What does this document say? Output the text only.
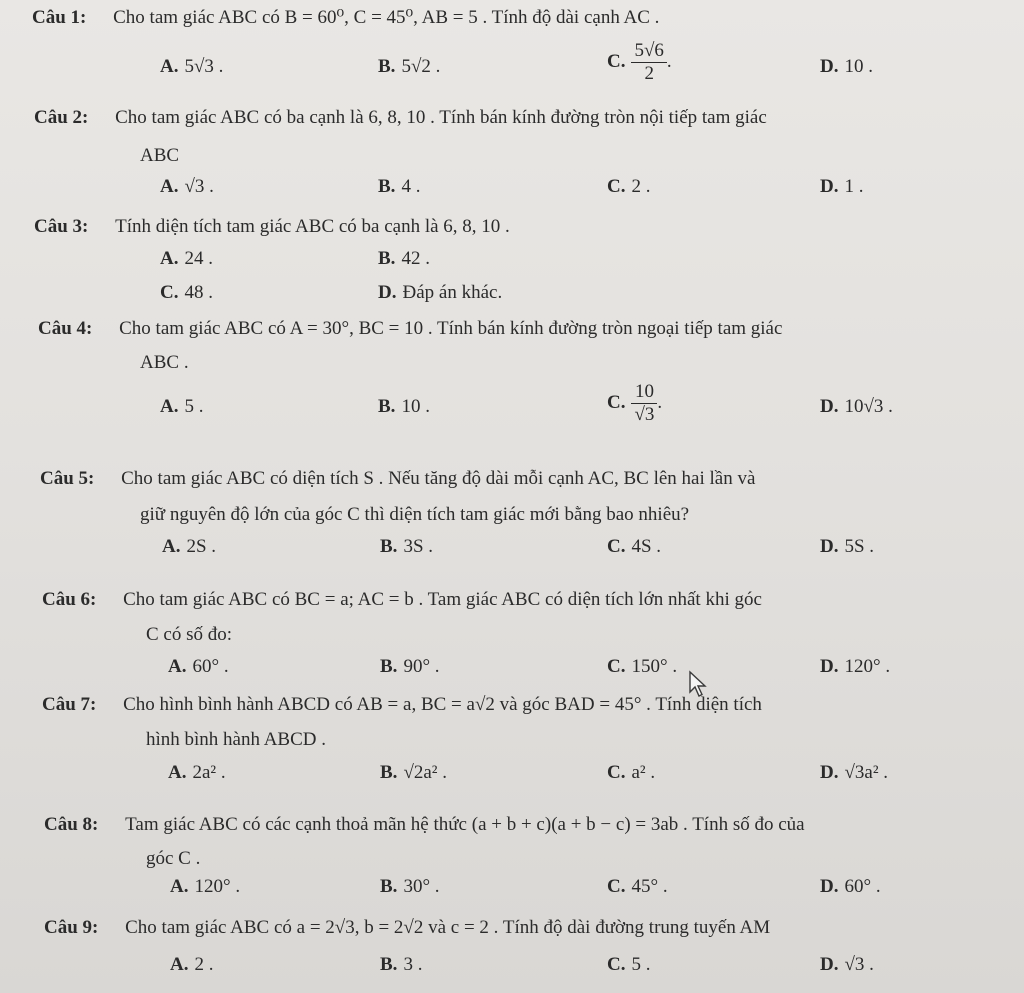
Câu 1: Cho tam giác ABC có B = 60⁰, C = 45⁰, AB = 5 . Tính độ dài cạnh AC .
A. 5√3 .	B. 5√2 .	C. $\frac{5√6}{2}$ .	D. 10 .
Câu 2: Cho tam giác ABC có ba cạnh là 6, 8, 10 . Tính bán kính đường tròn nội tiếp tam giác
ABC
A. √3 .	B. 4 .	C. 2 .	D. 1 .
Câu 3: Tính diện tích tam giác ABC có ba cạnh là 6, 8, 10 .
A. 24 .	B. 42 .
C. 48 .	D. Đáp án khác.
Câu 4: Cho tam giác ABC có A = 30°, BC = 10 . Tính bán kính đường tròn ngoại tiếp tam giác
ABC .
A. 5 .	B. 10 .	C. $\frac{10}{√3}$ .	D. 10√3 .
Câu 5: Cho tam giác ABC có diện tích S . Nếu tăng độ dài mỗi cạnh AC, BC lên hai lần và
giữ nguyên độ lớn của góc C thì diện tích tam giác mới bằng bao nhiêu?
A. 2S .	B. 3S .	C. 4S .	D. 5S .
Câu 6: Cho tam giác ABC có BC = a; AC = b . Tam giác ABC có diện tích lớn nhất khi góc
C có số đo:
A. 60° .	B. 90° .	C. 150° .	D. 120° .
Câu 7: Cho hình bình hành ABCD có AB = a, BC = a√2 và góc BAD = 45° . Tính diện tích
hình bình hành ABCD .
A. 2a² .	B. √2a² .	C. a² .	D. √3a² .
Câu 8: Tam giác ABC có các cạnh thoả mãn hệ thức (a + b + c)(a + b − c) = 3ab . Tính số đo của
góc C .
A. 120° .	B. 30° .	C. 45° .	D. 60° .
Câu 9: Cho tam giác ABC có a = 2√3, b = 2√2 và c = 2 . Tính độ dài đường trung tuyến AM
A. 2 .	B. 3 .	C. 5 .	D. √3 .
